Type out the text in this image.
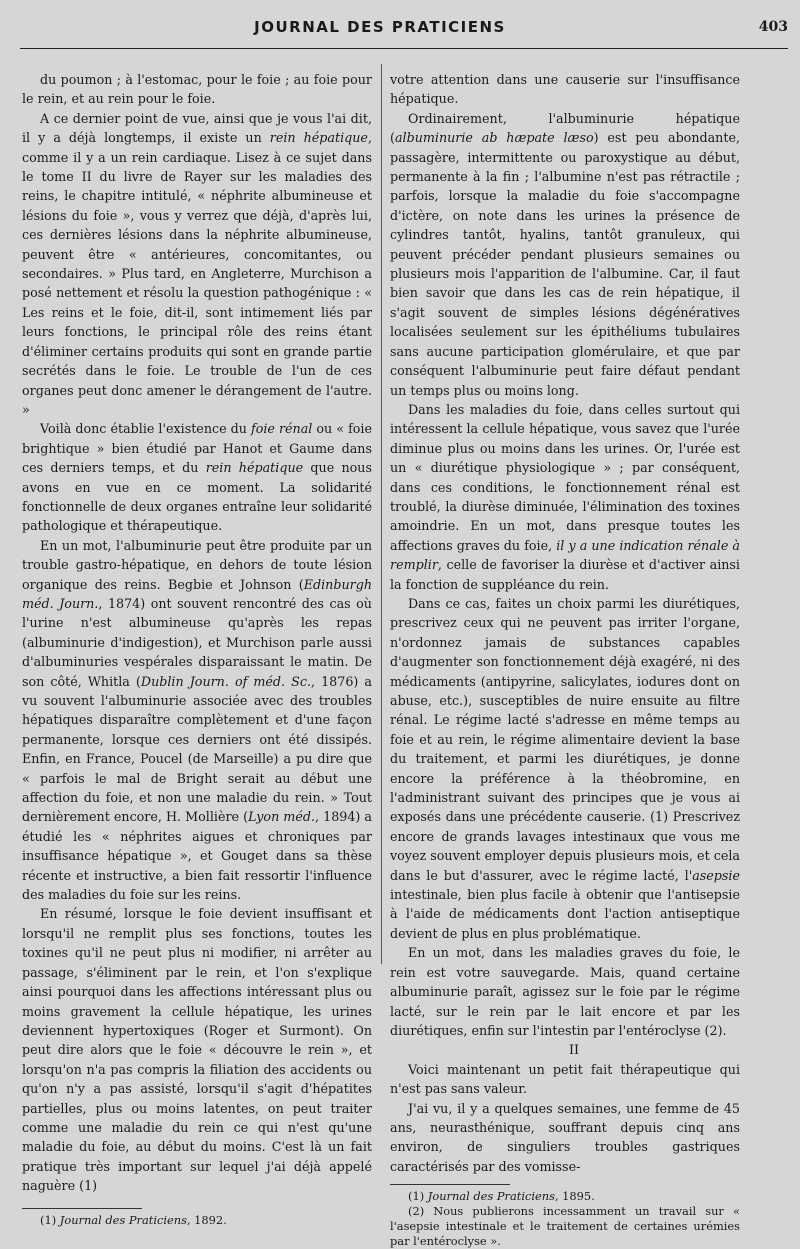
JOURNAL DES PRATICIENS	403

du poumon ; à l'estomac, pour le foie ; au foie pour le rein, et au rein pour le foie.

A ce dernier point de vue, ainsi que je vous l'ai dit, il y a déjà longtemps, il existe un rein hépatique, comme il y a un rein cardiaque. Lisez à ce sujet dans le tome II du livre de Rayer sur les maladies des reins, le chapitre intitulé, « néphrite albumineuse et lésions du foie », vous y verrez que déjà, d'après lui, ces dernières lésions dans la néphrite albumineuse, peuvent être « antérieures, concomitantes, ou secondaires. » Plus tard, en Angleterre, Murchison a posé nettement et résolu la question pathogénique : « Les reins et le foie, dit-il, sont intimement liés par leurs fonctions, le principal rôle des reins étant d'éliminer certains produits qui sont en grande partie secrétés dans le foie. Le trouble de l'un de ces organes peut donc amener le dérangement de l'autre. »

Voilà donc établie l'existence du foie rénal ou « foie brightique » bien étudié par Hanot et Gaume dans ces derniers temps, et du rein hépatique que nous avons en vue en ce moment. La solidarité fonctionnelle de deux organes entraîne leur solidarité pathologique et thérapeutique.

En un mot, l'albuminurie peut être produite par un trouble gastro-hépatique, en dehors de toute lésion organique des reins. Begbie et Johnson (Edinburgh méd. Journ., 1874) ont souvent rencontré des cas où l'urine n'est albumineuse qu'après les repas (albuminurie d'indigestion), et Murchison parle aussi d'albuminuries vespérales disparaissant le matin. De son côté, Whitla (Dublin Journ. of méd. Sc., 1876) a vu souvent l'albuminurie associée avec des troubles hépatiques disparaître complètement et d'une façon permanente, lorsque ces derniers ont été dissipés. Enfin, en France, Poucel (de Marseille) a pu dire que « parfois le mal de Bright serait au début une affection du foie, et non une maladie du rein. » Tout dernièrement encore, H. Mollière (Lyon méd., 1894) a étudié les « néphrites aigues et chroniques par insuffisance hépatique », et Gouget dans sa thèse récente et instructive, a bien fait ressortir l'influence des maladies du foie sur les reins.

En résumé, lorsque le foie devient insuffisant et lorsqu'il ne remplit plus ses fonctions, toutes les toxines qu'il ne peut plus ni modifier, ni arrêter au passage, s'éliminent par le rein, et l'on s'explique ainsi pourquoi dans les affections intéressant plus ou moins gravement la cellule hépatique, les urines deviennent hypertoxiques (Roger et Surmont). On peut dire alors que le foie « découvre le rein », et lorsqu'on n'a pas compris la filiation des accidents ou qu'on n'y a pas assisté, lorsqu'il s'agit d'hépatites partielles, plus ou moins latentes, on peut traiter comme une maladie du rein ce qui n'est qu'une maladie du foie, au début du moins. C'est là un fait pratique très important sur lequel j'ai déjà appelé naguère (1)

(1) Journal des Praticiens, 1892.

votre attention dans une causerie sur l'insuffisance hépatique.

Ordinairement, l'albuminurie hépatique (albuminurie ab hæpate læso) est peu abondante, passagère, intermittente ou paroxystique au début, permanente à la fin ; l'albumine n'est pas rétractile ; parfois, lorsque la maladie du foie s'accompagne d'ictère, on note dans les urines la présence de cylindres tantôt, hyalins, tantôt granuleux, qui peuvent précéder pendant plusieurs semaines ou plusieurs mois l'apparition de l'albumine. Car, il faut bien savoir que dans les cas de rein hépatique, il s'agit souvent de simples lésions dégénératives localisées seulement sur les épithéliums tubulaires sans aucune participation glomérulaire, et que par conséquent l'albuminurie peut faire défaut pendant un temps plus ou moins long.

Dans les maladies du foie, dans celles surtout qui intéressent la cellule hépatique, vous savez que l'urée diminue plus ou moins dans les urines. Or, l'urée est un « diurétique physiologique » ; par conséquent, dans ces conditions, le fonctionnement rénal est troublé, la diurèse diminuée, l'élimination des toxines amoindrie. En un mot, dans presque toutes les affections graves du foie, il y a une indication rénale à remplir, celle de favoriser la diurèse et d'activer ainsi la fonction de suppléance du rein.

Dans ce cas, faites un choix parmi les diurétiques, prescrivez ceux qui ne peuvent pas irriter l'organe, n'ordonnez jamais de substances capables d'augmenter son fonctionnement déjà exagéré, ni des médicaments (antipyrine, salicylates, iodures dont on abuse, etc.), susceptibles de nuire ensuite au filtre rénal. Le régime lacté s'adresse en même temps au foie et au rein, le régime alimentaire devient la base du traitement, et parmi les diurétiques, je donne encore la préférence à la théobromine, en l'administrant suivant des principes que je vous ai exposés dans une précédente causerie. (1) Prescrivez encore de grands lavages intestinaux que vous me voyez souvent employer depuis plusieurs mois, et cela dans le but d'assurer, avec le régime lacté, l'asepsie intestinale, bien plus facile à obtenir que l'antisepsie à l'aide de médicaments dont l'action antiseptique devient de plus en plus problématique.

En un mot, dans les maladies graves du foie, le rein est votre sauvegarde. Mais, quand certaine albuminurie paraît, agissez sur le foie par le régime lacté, sur le rein par le lait encore et par les diurétiques, enfin sur l'intestin par l'entéroclyse (2).

II

Voici maintenant un petit fait thérapeutique qui n'est pas sans valeur.

J'ai vu, il y a quelques semaines, une femme de 45 ans, neurasthénique, souffrant depuis cinq ans environ, de singuliers troubles gastriques caractérisés par des vomisse-

(1) Journal des Praticiens, 1895.

(2) Nous publierons incessamment un travail sur « l'asepsie intestinale et le traitement de certaines urémies par l'entéroclyse ».
